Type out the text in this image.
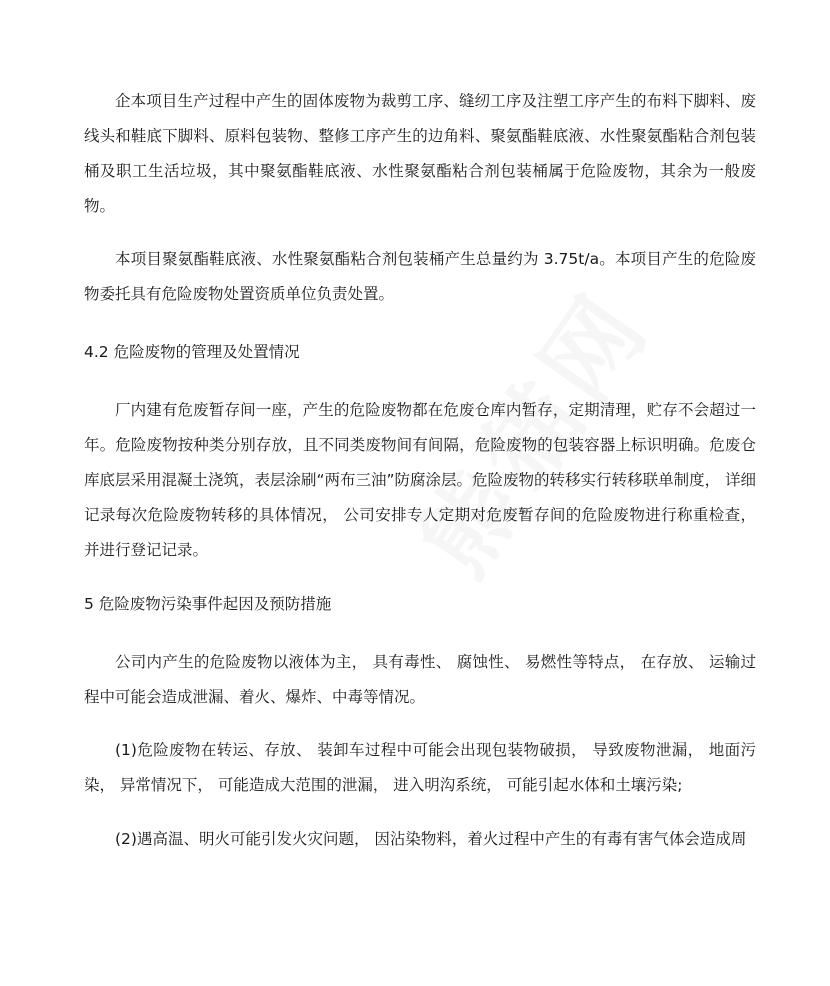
企本项目生产过程中产生的固体废物为裁剪工序、缝纫工序及注塑工序产生的布料下脚料、废线头和鞋底下脚料、原料包装物、整修工序产生的边角料、聚氨酯鞋底液、水性聚氨酯粘合剂包装桶及职工生活垃圾，其中聚氨酯鞋底液、水性聚氨酯粘合剂包装桶属于危险废物，其余为一般废物。

本项目聚氨酯鞋底液、水性聚氨酯粘合剂包装桶产生总量约为 3.75t/a。本项目产生的危险废物委托具有危险废物处置资质单位负责处置。

4.2 危险废物的管理及处置情况

厂内建有危废暂存间一座，产生的危险废物都在危废仓库内暂存，定期清理，贮存不会超过一年。危险废物按种类分别存放，且不同类废物间有间隔，危险废物的包装容器上标识明确。危废仓库底层采用混凝土浇筑，表层涂刷“两布三油”防腐涂层。危险废物的转移实行转移联单制度， 详细记录每次危险废物转移的具体情况， 公司安排专人定期对危废暂存间的危险废物进行称重检查， 并进行登记记录。

5 危险废物污染事件起因及预防措施

公司内产生的危险废物以液体为主， 具有毒性、 腐蚀性、 易燃性等特点， 在存放、 运输过程中可能会造成泄漏、着火、爆炸、中毒等情况。

(1)危险废物在转运、存放、 装卸车过程中可能会出现包装物破损， 导致废物泄漏， 地面污染， 异常情况下， 可能造成大范围的泄漏， 进入明沟系统， 可能引起水体和土壤污染;

(2)遇高温、明火可能引发火灾问题， 因沾染物料，着火过程中产生的有毒有害气体会造成周
